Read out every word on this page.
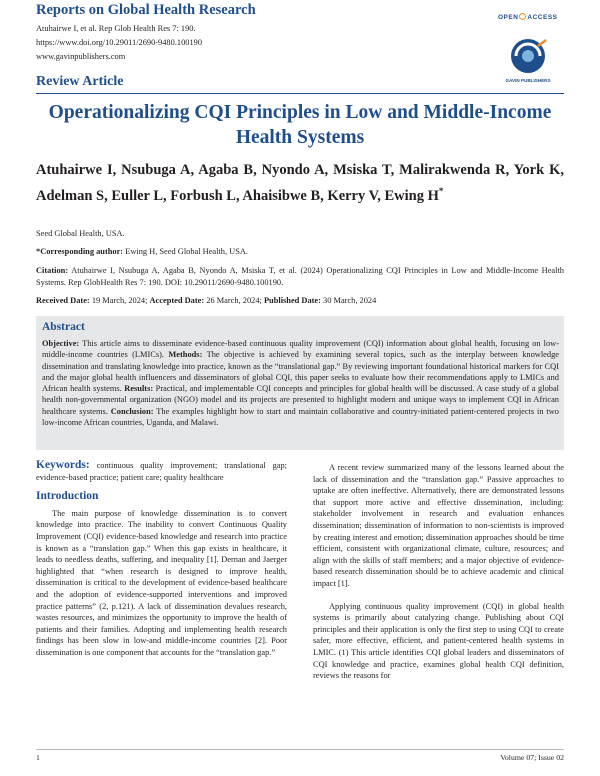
Reports on Global Health Research
Atuhairwe I, et al. Rep Glob Health Res 7: 190.
https://www.doi.org/10.29011/2690-9480.100190
www.gavinpublishers.com
OPEN ACCESS
GAVIN PUBLISHERS
Review Article
Operationalizing CQI Principles in Low and Middle-Income Health Systems
Atuhairwe I, Nsubuga A, Agaba B, Nyondo A, Msiska T, Malirakwenda R, York K, Adelman S, Euller L, Forbush L, Ahaisibwe B, Kerry V, Ewing H*
Seed Global Health, USA.
*Corresponding author: Ewing H, Seed Global Health, USA.
Citation: Atuhairwe I, Nsubuga A, Agaba B, Nyondo A, Msiska T, et al. (2024) Operationalizing CQI Principles in Low and Middle-Income Health Systems. Rep GlobHealth Res 7: 190. DOI: 10.29011/2690-9480.100190.
Received Date: 19 March, 2024; Accepted Date: 26 March, 2024; Published Date: 30 March, 2024
Abstract
Objective: This article aims to disseminate evidence-based continuous quality improvement (CQI) information about global health, focusing on low-middle-income countries (LMICs). Methods: The objective is achieved by examining several topics, such as the interplay between knowledge dissemination and translating knowledge into practice, known as the “translational gap.” By reviewing important foundational historical markers for CQI and the major global health influencers and disseminators of global CQI, this paper seeks to evaluate how their recommendations apply to LMICs and African health systems. Results: Practical, and implementable CQI concepts and principles for global health will be discussed. A case study of a global health non-governmental organization (NGO) model and its projects are presented to highlight modern and unique ways to implement CQI in African healthcare systems. Conclusion: The examples highlight how to start and maintain collaborative and country-initiated patient-centered projects in two low-income African countries, Uganda, and Malawi.
Keywords: continuous quality improvement; translational gap; evidence-based practice; patient care; quality healthcare
Introduction

The main purpose of knowledge dissemination is to convert knowledge into practice. The inability to convert Continuous Quality Improvement (CQI) evidence-based knowledge and research into practice is known as a “translation gap.” When this gap exists in healthcare, it leads to needless deaths, suffering, and inequality [1]. Dernan and Jaerger highlighted that “when research is designed to improve health, dissemination is critical to the development of evidence-based healthcare and the adoption of evidence-supported interventions and improved practice patterns” (2, p.121). A lack of dissemination devalues research, wastes resources, and minimizes the opportunity to improve the health of patients and their families. Adopting and implementing health research findings has been slow in low-and middle-income countries [2]. Poor dissemination is one component that accounts for the “translation gap.”

A recent review summarized many of the lessons learned about the lack of dissemination and the “translation gap.” Passive approaches to uptake are often ineffective. Alternatively, there are demonstrated lessons that support more active and effective dissemination, including: stakeholder involvement in research and evaluation enhances dissemination; dissemination of information to non-scientists is improved by creating interest and emotion; dissemination approaches should be time efficient, consistent with organizational climate, culture, resources; and align with the skills of staff members; and a major objective of evidence-based research dissemination should be to achieve academic and clinical impact [1].

Applying continuous quality improvement (CQI) in global health systems is primarily about catalyzing change. Publishing about CQI principles and their application is only the first step to using CQI to create safer, more effective, efficient, and patient-centered health systems in LMIC. (1) This article identifies CQI global leaders and disseminators of CQI knowledge and practice, examines global health CQI definition, reviews the reasons for

1	Volume 07; Issue 02
